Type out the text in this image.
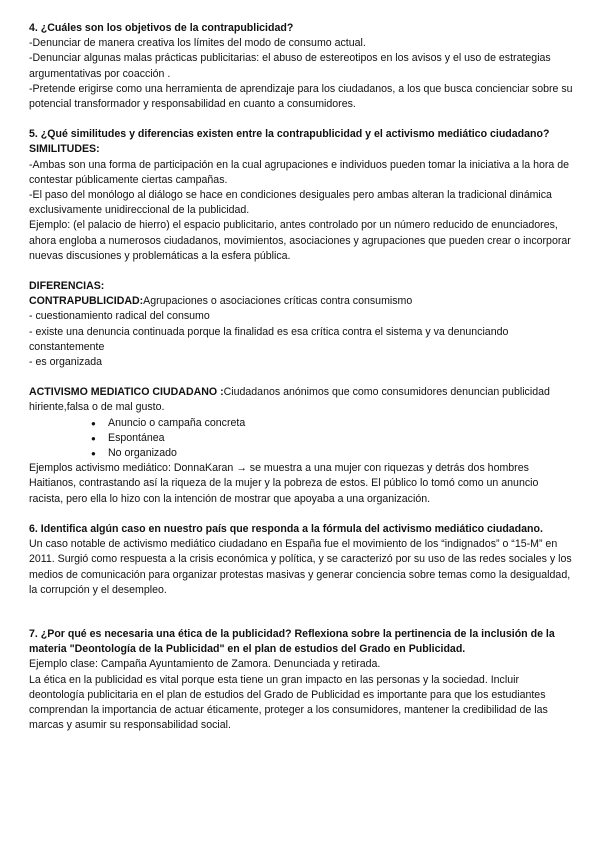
4. ¿Cuáles son los objetivos de la contrapublicidad?
-Denunciar de manera creativa los límites del modo de consumo actual.
-Denunciar algunas malas prácticas publicitarias: el abuso de estereotipos en los avisos y el uso de estrategias argumentativas por coacción .
-Pretende erigirse como una herramienta de aprendizaje para los ciudadanos, a los que busca concienciar sobre su potencial transformador y responsabilidad en cuanto a consumidores.
5. ¿Qué similitudes y diferencias existen entre la contrapublicidad y el activismo mediático ciudadano?
SIMILITUDES:
-Ambas son una forma de participación en la cual agrupaciones e individuos pueden tomar la iniciativa a la hora de contestar públicamente ciertas campañas.
-El paso del monólogo al diálogo se hace en condiciones desiguales pero ambas alteran la tradicional dinámica exclusivamente unidireccional de la publicidad.
Ejemplo: (el palacio de hierro) el espacio publicitario, antes controlado por un número reducido de enunciadores, ahora engloba a numerosos ciudadanos, movimientos, asociaciones y agrupaciones que pueden crear o incorporar nuevas discusiones y problemáticas a la esfera pública.
DIFERENCIAS:
CONTRAPUBLICIDAD:Agrupaciones o asociaciones críticas contra consumismo
- cuestionamiento radical del consumo
- existe una denuncia continuada porque la finalidad es esa crítica contra el sistema y va denunciando constantemente
- es organizada
ACTIVISMO MEDIATICO CIUDADANO :Ciudadanos anónimos que como consumidores denuncian publicidad hiriente,falsa o de mal gusto.
● Anuncio o campaña concreta
● Espontánea
● No organizado
Ejemplos activismo mediático: DonnaKaran → se muestra a una mujer con riquezas y detrás dos hombres Haitianos, contrastando así la riqueza de la mujer y la pobreza de estos. El público lo tomó como un anuncio racista, pero ella lo hizo con la intención de mostrar que apoyaba a una organización.
6. Identifica algún caso en nuestro país que responda a la fórmula del activismo mediático ciudadano.
Un caso notable de activismo mediático ciudadano en España fue el movimiento de los “indignados” o “15-M” en 2011. Surgió como respuesta a la crisis económica y política, y se caracterizó por su uso de las redes sociales y los medios de comunicación para organizar protestas masivas y generar conciencia sobre temas como la desigualdad, la corrupción y el desempleo.
7. ¿Por qué es necesaria una ética de la publicidad? Reflexiona sobre la pertinencia de la inclusión de la materia "Deontología de la Publicidad" en el plan de estudios del Grado en Publicidad.
Ejemplo clase: Campaña Ayuntamiento de Zamora. Denunciada y retirada.
La ética en la publicidad es vital porque esta tiene un gran impacto en las personas y la sociedad. Incluir deontología publicitaria en el plan de estudios del Grado de Publicidad es importante para que los estudiantes comprendan la importancia de actuar éticamente, proteger a los consumidores, mantener la credibilidad de las marcas y asumir su responsabilidad social.
